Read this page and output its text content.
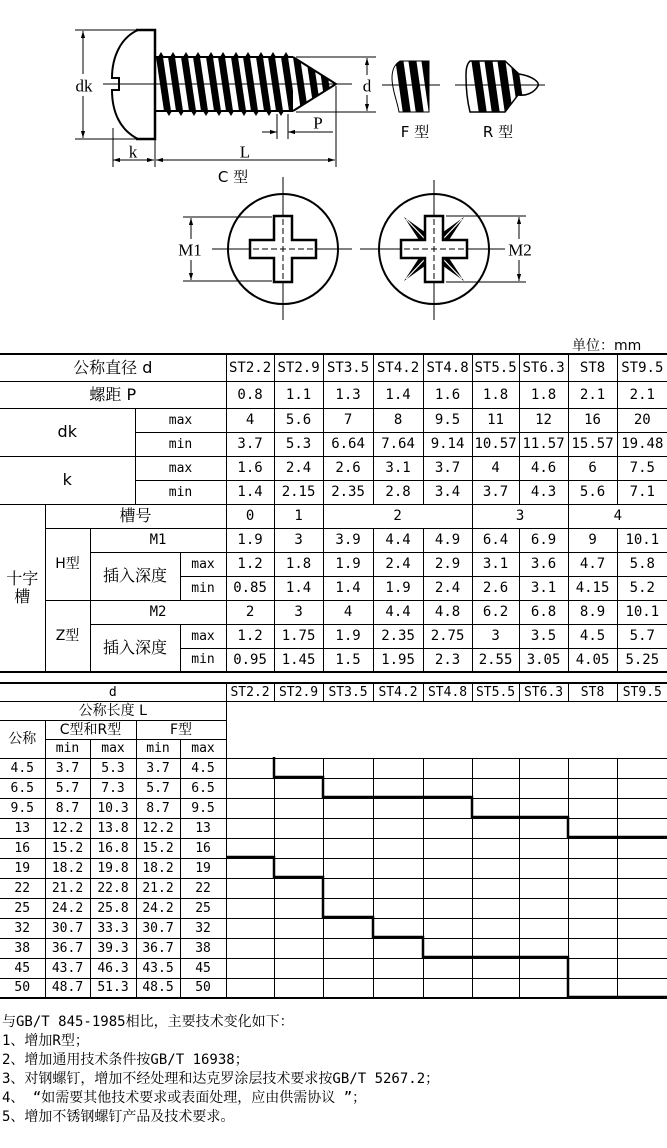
dk	d
P
k	L
C 型
F 型	R 型
M1	M2
单位：mm
公称直径 d					ST2.2	ST2.9	ST3.5	ST4.2	ST4.8	ST5.5	ST6.3	ST8	ST9.5
螺距 P					0.8	1.1	1.3	1.4	1.6	1.8	1.8	2.1	2.1
dk			max		4	5.6	7	8	9.5	11	12	16	20
			min		3.7	5.3	6.64	7.64	9.14	10.57	11.57	15.57	19.48
k			max		1.6	2.4	2.6	3.1	3.7	4	4.6	6	7.5
			min		1.4	2.15	2.35	2.8	3.4	3.7	4.3	5.6	7.1
十字槽	槽号				0	1	2			3		4	
	H型	M1			1.9	3	3.9	4.4	4.9	6.4	6.9	9	10.1
		插入深度		max	1.2	1.8	1.9	2.4	2.9	3.1	3.6	4.7	5.8
				min	0.85	1.4	1.4	1.9	2.4	2.6	3.1	4.15	5.2
	Z型	M2			2	3	4	4.4	4.8	6.2	6.8	8.9	10.1
		插入深度		max	1.2	1.75	1.9	2.35	2.75	3	3.5	4.5	5.7
				min	0.95	1.45	1.5	1.95	2.3	2.55	3.05	4.05	5.25
d					ST2.2	ST2.9	ST3.5	ST4.2	ST4.8	ST5.5	ST6.3	ST8	ST9.5
公称长度 L													
公称	C型和R型		F型										
	min	max	min	max									
4.5	3.7	5.3	3.7	4.5									
6.5	5.7	7.3	5.7	6.5									
9.5	8.7	10.3	8.7	9.5									
13	12.2	13.8	12.2	13									
16	15.2	16.8	15.2	16									
19	18.2	19.8	18.2	19									
22	21.2	22.8	21.2	22									
25	24.2	25.8	24.2	25									
32	30.7	33.3	30.7	32									
38	36.7	39.3	36.7	38									
45	43.7	46.3	43.5	45									
50	48.7	51.3	48.5	50									
与GB/T 845-1985相比，主要技术变化如下：
1、增加R型；
2、增加通用技术条件按GB/T 16938；
3、对钢螺钉，增加不经处理和达克罗涂层技术要求按GB/T 5267.2；
4、 “如需要其他技术要求或表面处理，应由供需协议 ”；
5、增加不锈钢螺钉产品及技术要求。
